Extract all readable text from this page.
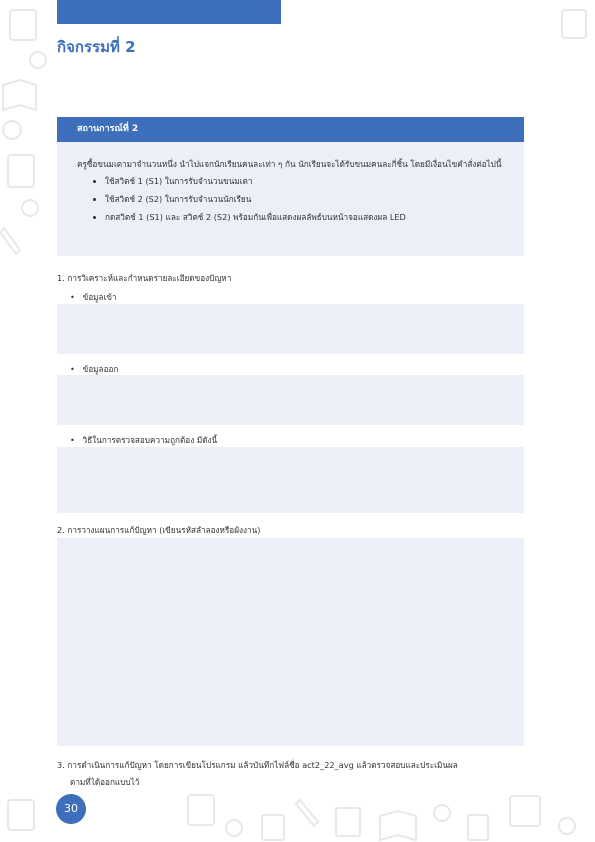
กิจกรรมที่ 2
สถานการณ์ที่ 2
ครูซื้อขนมเตามาจำนวนหนึ่ง นำไปแจกนักเรียนคนละเท่า ๆ กัน นักเรียนจะได้รับขนมคนละกี่ชิ้น โดยมีเงื่อนไขคำสั่งต่อไปนี้
• ใช้สวิตช์ 1 (S1) ในการรับจำนวนขนมเตา
• ใช้สวิตช์ 2 (S2) ในการรับจำนวนนักเรียน
• กดสวิตช์ 1 (S1) และ สวิตช์ 2 (S2) พร้อมกันเพื่อแสดงผลลัพธ์บนหน้าจอแสดงผล LED
1. การวิเคราะห์และกำหนดรายละเอียดของปัญหา
•   ข้อมูลเข้า
•   ข้อมูลออก
•   วิธีในการตรวจสอบความถูกต้อง มีดังนี้
2. การวางแผนการแก้ปัญหา (เขียนรหัสลำลองหรือผังงาน)
3. การดำเนินการแก้ปัญหา โดยการเขียนโปรแกรม แล้วบันทึกไฟล์ชื่อ act2_22_avg แล้วตรวจสอบและประเมินผล
ตามที่ได้ออกแบบไว้
30
